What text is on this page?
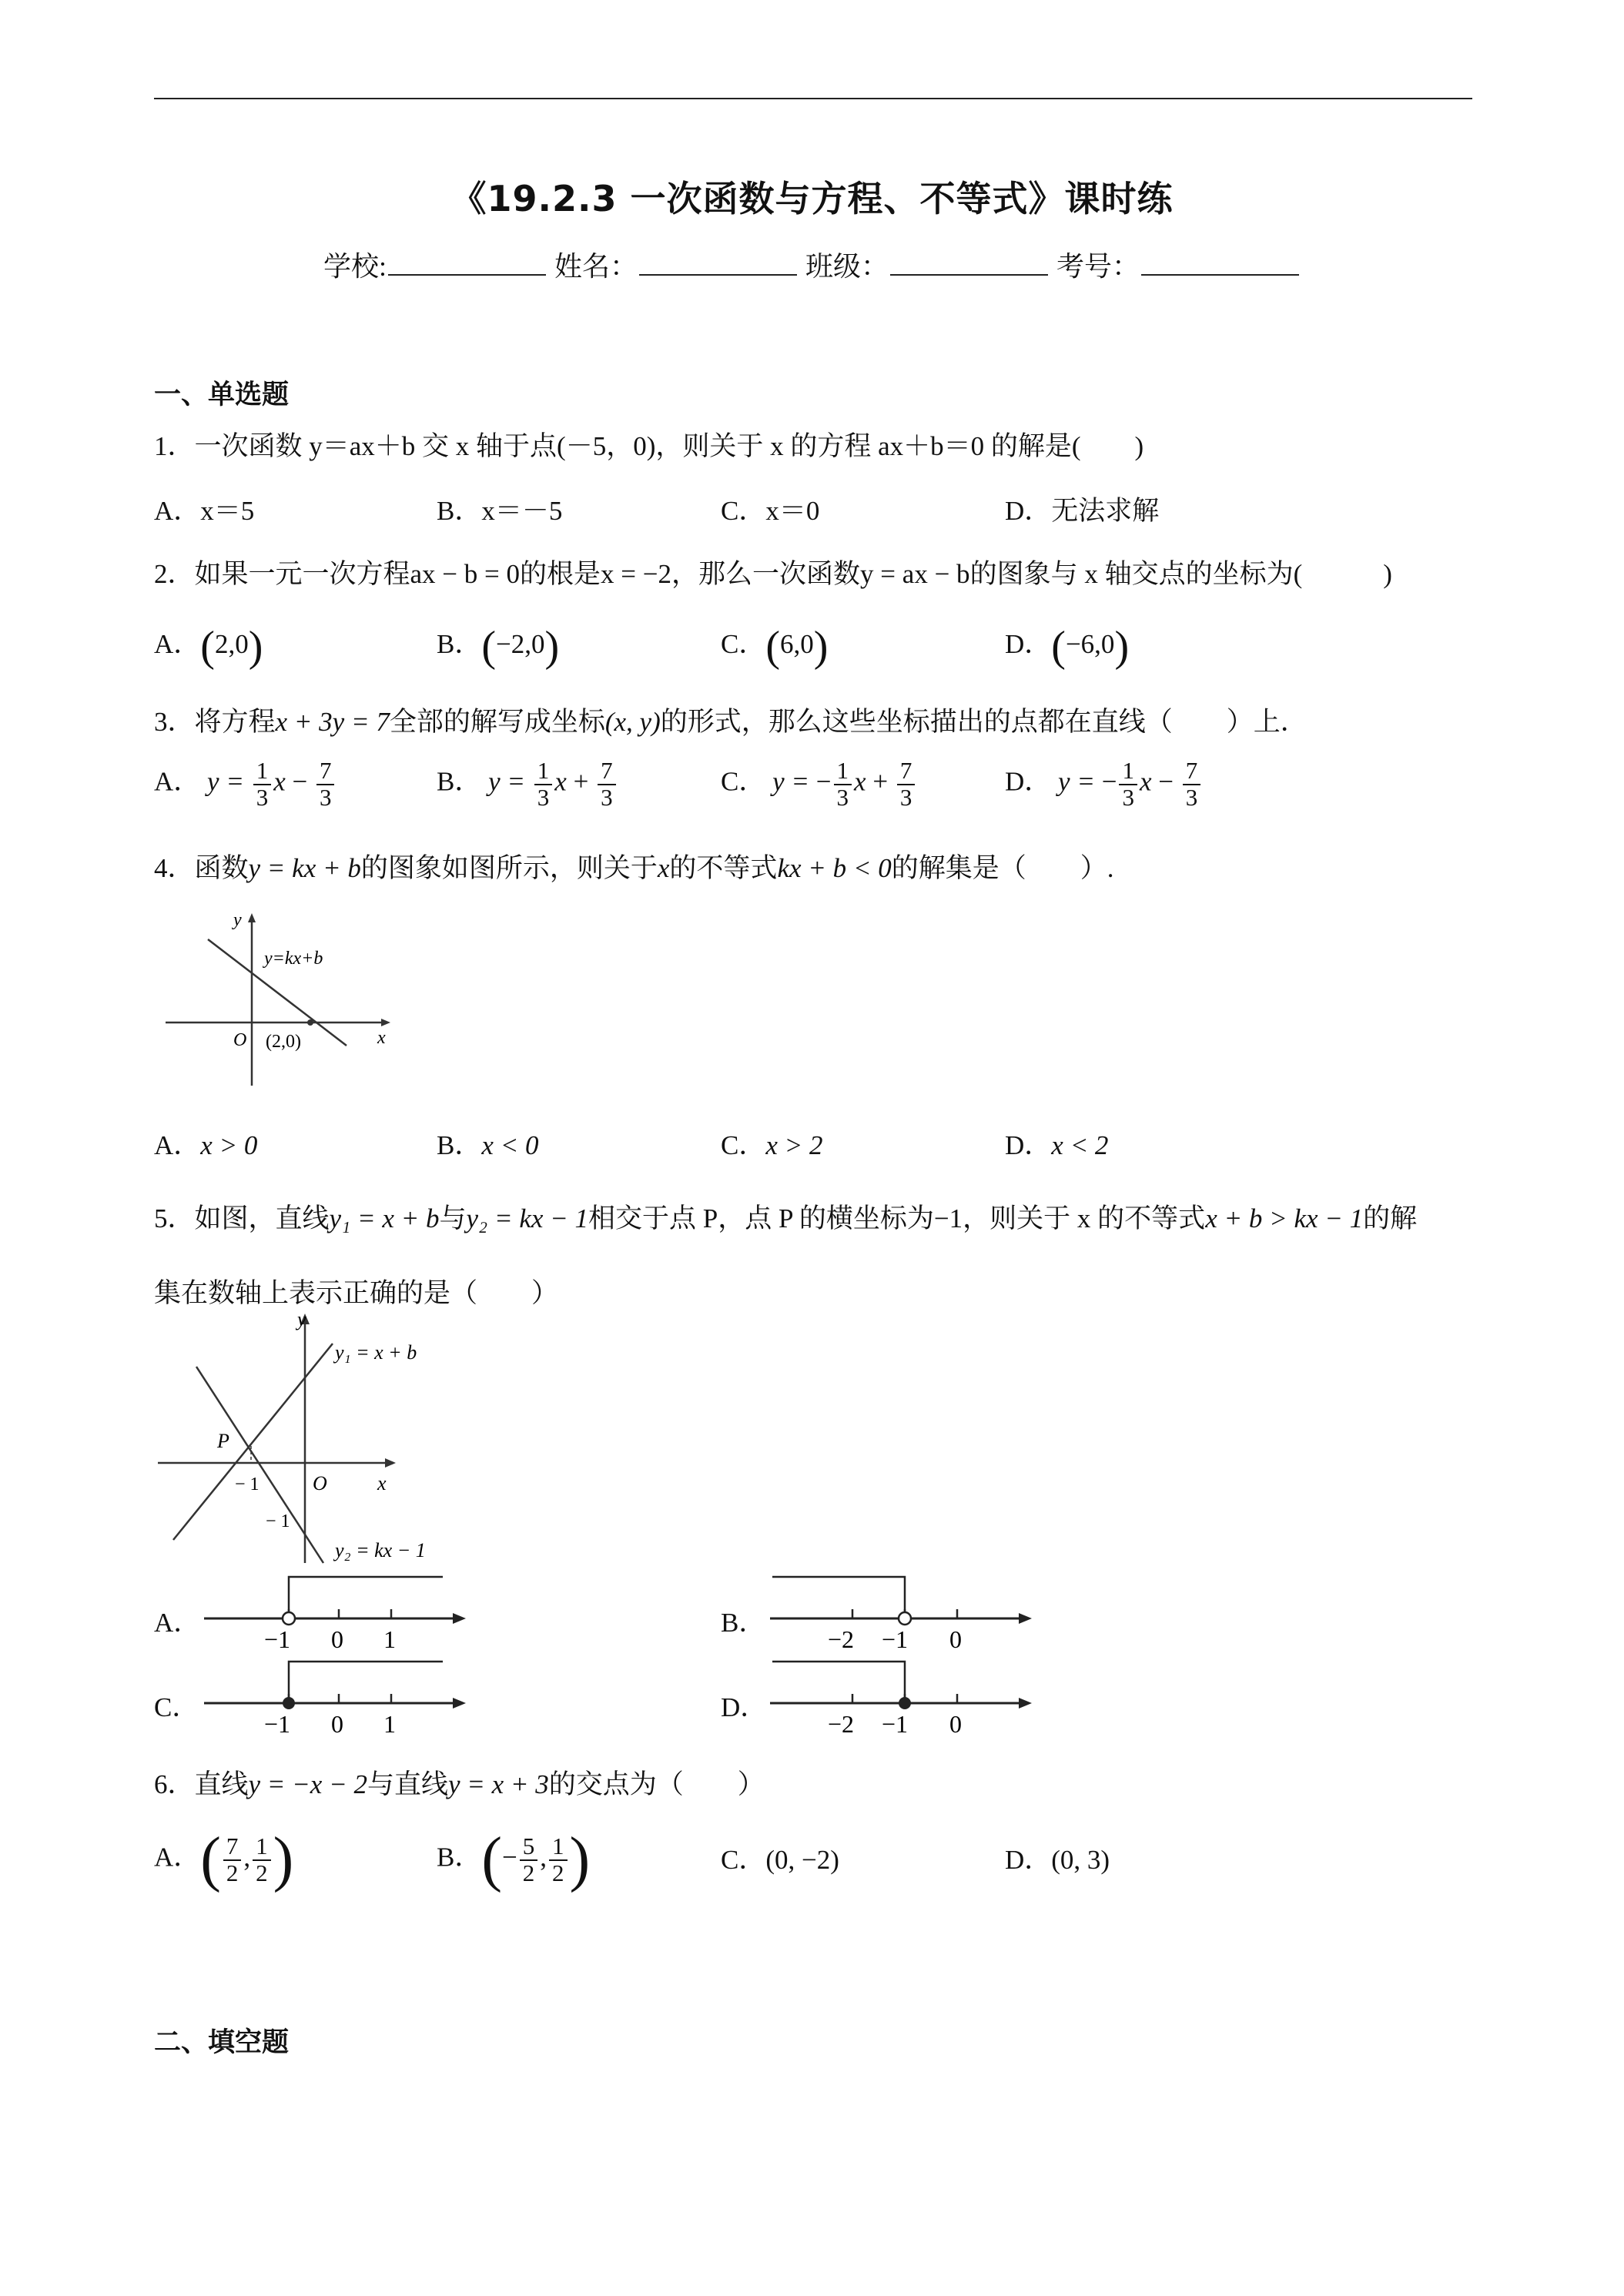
《19.2.3 一次函数与方程、不等式》课时练
学校:	姓名：	班级：	考号：
一、单选题
1．一次函数 y＝ax＋b 交 x 轴于点(－5，0)，则关于 x 的方程 ax＋b＝0 的解是(　　)
A．x＝5	B．x＝－5	C．x＝0	D．无法求解
2．如果一元一次方程ax − b = 0的根是x = −2，那么一次函数y = ax − b的图象与 x 轴交点的坐标为(　　　)
A．(2,0)	B．(−2,0)	C．(6,0)	D．(−6,0)
3．将方程x + 3y = 7全部的解写成坐标(x, y)的形式，那么这些坐标描出的点都在直线（　　）上．
A． $y = \frac{1}{3}$ $x - \frac{7}{3}$	B． $y = \frac{1}{3}$ $x + \frac{7}{3}$	C． y = − $\frac{1}{3}$ $x + \frac{7}{3}$	D． y = − $\frac{1}{3}$ $x - \frac{7}{3}$
4．函数y = kx + b的图象如图所示，则关于x的不等式kx + b < 0的解集是（　　）.
y
x
O
y=kx+b
(2,0)
A．x > 0	B．x < 0	C．x > 2	D．x < 2
5．如图，直线y₁ = x + b与y₂ = kx − 1相交于点 P，点 P 的横坐标为−1，则关于 x 的不等式x + b > kx − 1的解
集在数轴上表示正确的是（　　）
y
x
O
P
− 1
− 1
y₁ = x + b
y₂ = kx − 1
A．
−1 0 1
B．
−2 −1 0
C．
−1 0 1
D．
−2 −1 0
6．直线y = −x − 2与直线y = x + 3的交点为（　　）
A．( $\frac{7}{2}$ , $\frac{1}{2}$ )	B．(− $\frac{5}{2}$ , $\frac{1}{2}$ )	C．(0, −2)	D．(0, 3)
二、填空题
